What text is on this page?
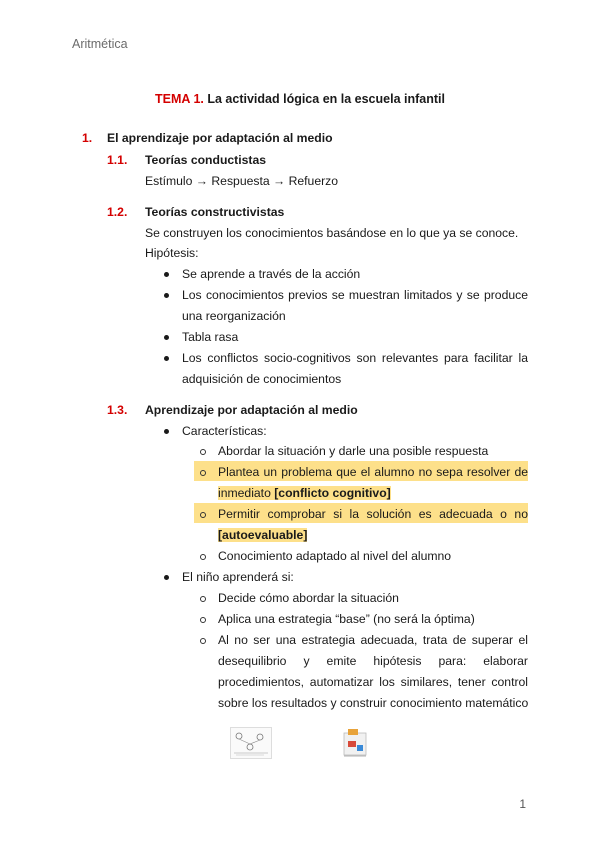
Aritmética
TEMA 1. La actividad lógica en la escuela infantil
1. El aprendizaje por adaptación al medio
1.1. Teorías conductistas
Estímulo → Respuesta → Refuerzo
1.2. Teorías constructivistas
Se construyen los conocimientos basándose en lo que ya se conoce.
Hipótesis:
Se aprende a través de la acción
Los conocimientos previos se muestran limitados y se produce
una reorganización
Tabla rasa
Los conflictos socio-cognitivos son relevantes para facilitar la
adquisición de conocimientos
1.3. Aprendizaje por adaptación al medio
Características:
Abordar la situación y darle una posible respuesta
Plantea un problema que el alumno no sepa resolver de
inmediato [conflicto cognitivo]
Permitir comprobar si la solución es adecuada o no
[autoevaluable]
Conocimiento adaptado al nivel del alumno
El niño aprenderá si:
Decide cómo abordar la situación
Aplica una estrategia “base” (no será la óptima)
Al no ser una estrategia adecuada, trata de superar el
desequilibrio y emite hipótesis para: elaborar
procedimientos, automatizar los similares, tener control
sobre los resultados y construir conocimiento matemático
1
